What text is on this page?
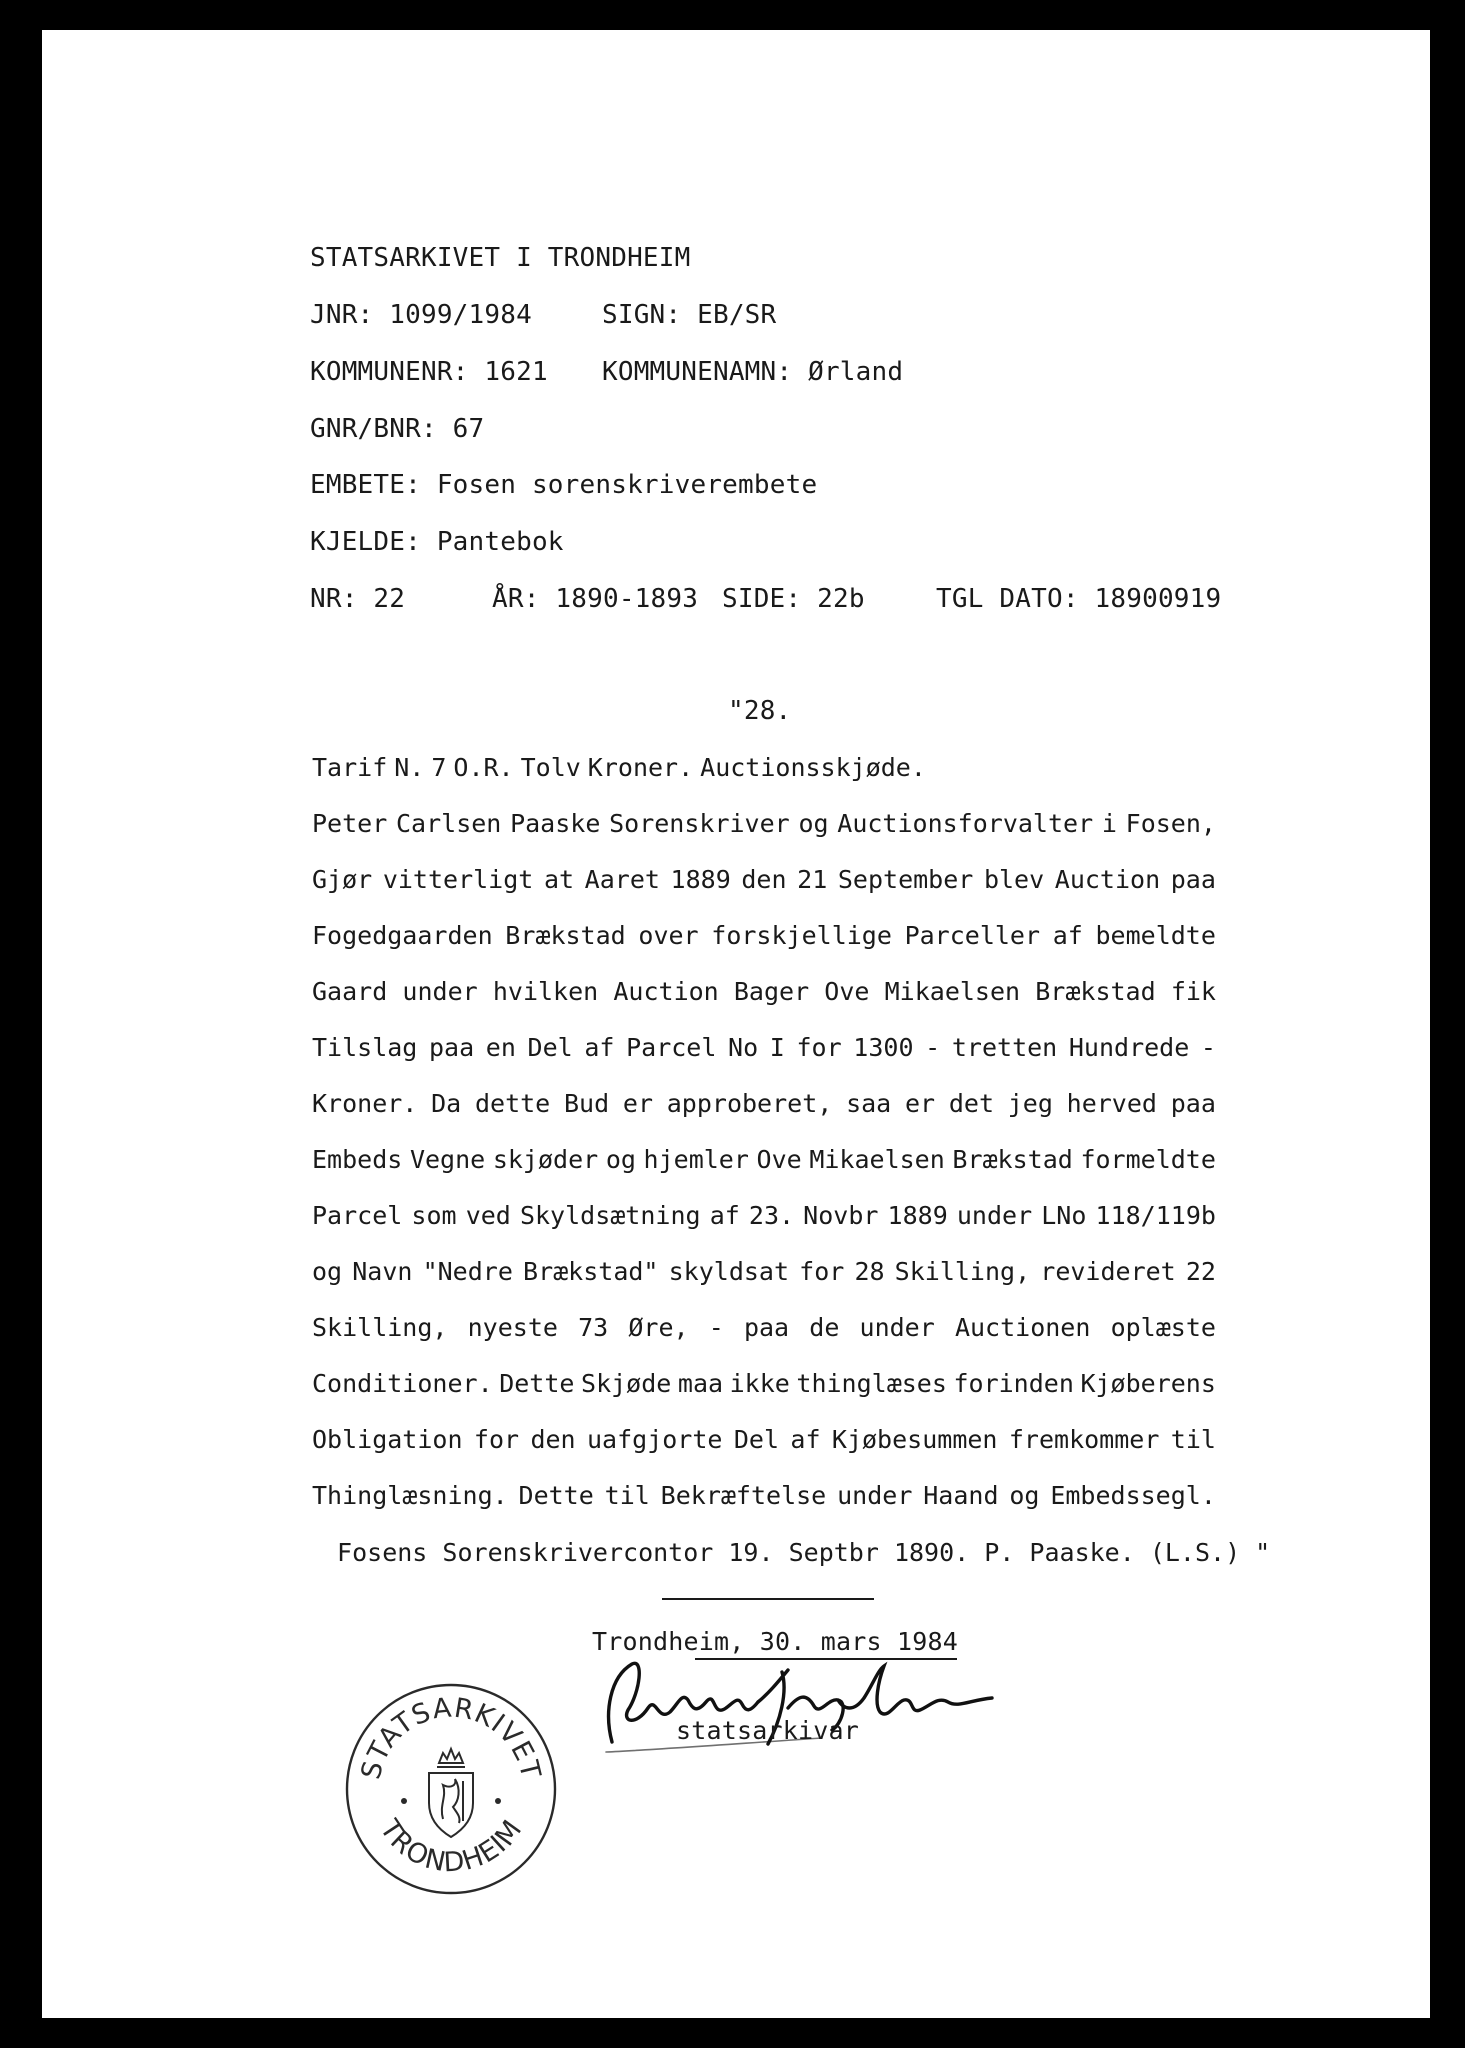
STATSARKIVET I TRONDHEIM
JNR: 1099/1984	SIGN: EB/SR
KOMMUNENR: 1621 KOMMUNENAMN: Ørland
GNR/BNR: 67
EMBETE: Fosen sorenskriverembete
KJELDE: Pantebok
NR: 22	ÅR: 1890-1893 SIDE: 22b	TGL DATO: 18900919
"28.
Tarif N. 7 O.R. Tolv Kroner. Auctionsskjøde.
Peter Carlsen Paaske Sorenskriver og Auctionsforvalter i Fosen,
Gjør vitterligt at Aaret 1889 den 21 September blev Auction paa
Fogedgaarden Brækstad over forskjellige Parceller af bemeldte
Gaard under hvilken Auction Bager Ove Mikaelsen Brækstad fik
Tilslag paa en Del af Parcel No I for 1300 - tretten Hundrede -
Kroner. Da dette Bud er approberet, saa er det jeg herved paa
Embeds Vegne skjøder og hjemler Ove Mikaelsen Brækstad formeldte
Parcel som ved Skyldsætning af 23. Novbr 1889 under LNo 118/119b
og Navn "Nedre Brækstad" skyldsat for 28 Skilling, revideret 22
Skilling, nyeste 73 Øre, - paa de under Auctionen oplæste
Conditioner. Dette Skjøde maa ikke thinglæses forinden Kjøberens
Obligation for den uafgjorte Del af Kjøbesummen fremkommer til
Thinglæsning. Dette til Bekræftelse under Haand og Embedssegl.
Fosens Sorenskrivercontor 19. Septbr 1890. P. Paaske. (L.S.) "
Trondheim, 30. mars 1984
statsarkivar
STATSARKIVET
TRONDHEIM
